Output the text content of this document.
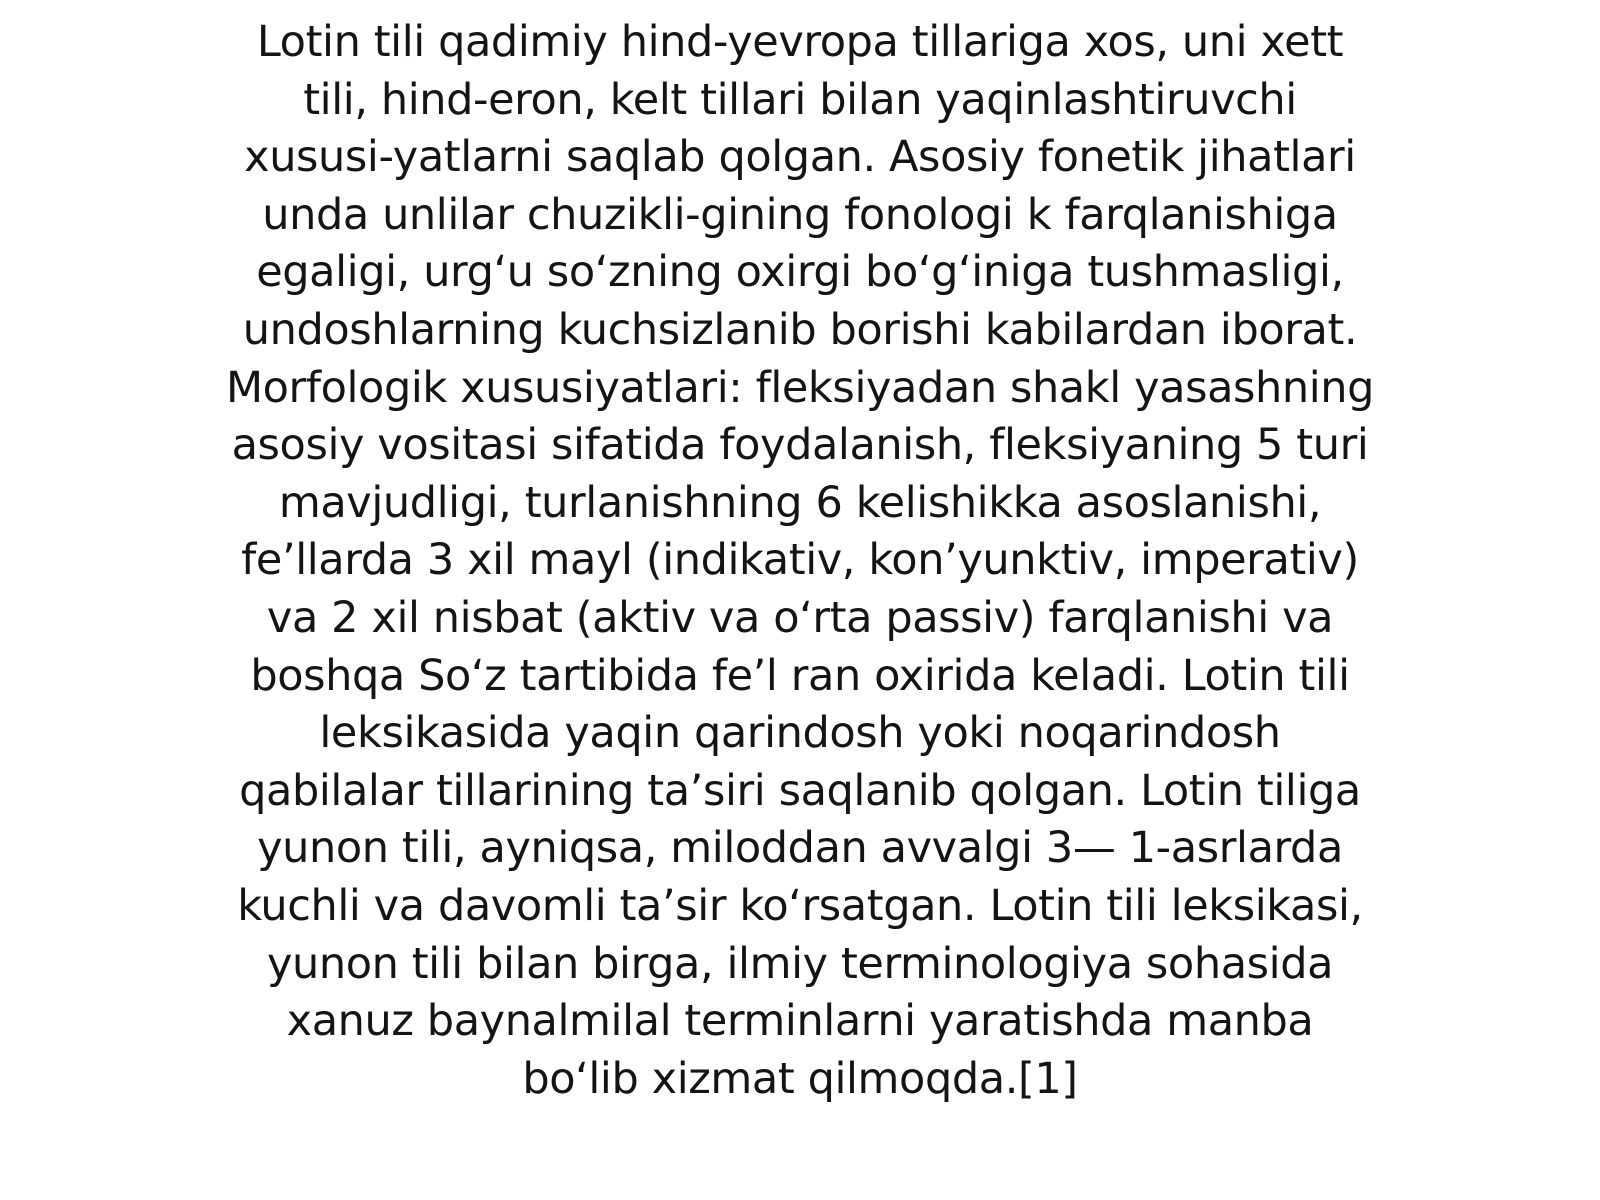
Lotin tili qadimiy hind-yevropa tillariga xos, uni xett
tili, hind-eron, kelt tillari bilan yaqinlashtiruvchi
xususi-yatlarni saqlab qolgan. Asosiy fonetik jihatlari
unda unlilar chuzikli-gining fonologi k farqlanishiga
egaligi, urg‘u so‘zning oxirgi bo‘g‘iniga tushmasligi,
undoshlarning kuchsizlanib borishi kabilardan iborat.
Morfologik xususiyatlari: fleksiyadan shakl yasashning
asosiy vositasi sifatida foydalanish, fleksiyaning 5 turi
mavjudligi, turlanishning 6 kelishikka asoslanishi,
fe’llarda 3 xil mayl (indikativ, kon’yunktiv, imperativ)
va 2 xil nisbat (aktiv va o‘rta passiv) farqlanishi va
boshqa So‘z tartibida fe’l ran oxirida keladi. Lotin tili
leksikasida yaqin qarindosh yoki noqarindosh
qabilalar tillarining ta’siri saqlanib qolgan. Lotin tiliga
yunon tili, ayniqsa, miloddan avvalgi 3— 1-asrlarda
kuchli va davomli ta’sir ko‘rsatgan. Lotin tili leksikasi,
yunon tili bilan birga, ilmiy terminologiya sohasida
xanuz baynalmilal terminlarni yaratishda manba
bo‘lib xizmat qilmoqda.[1]
